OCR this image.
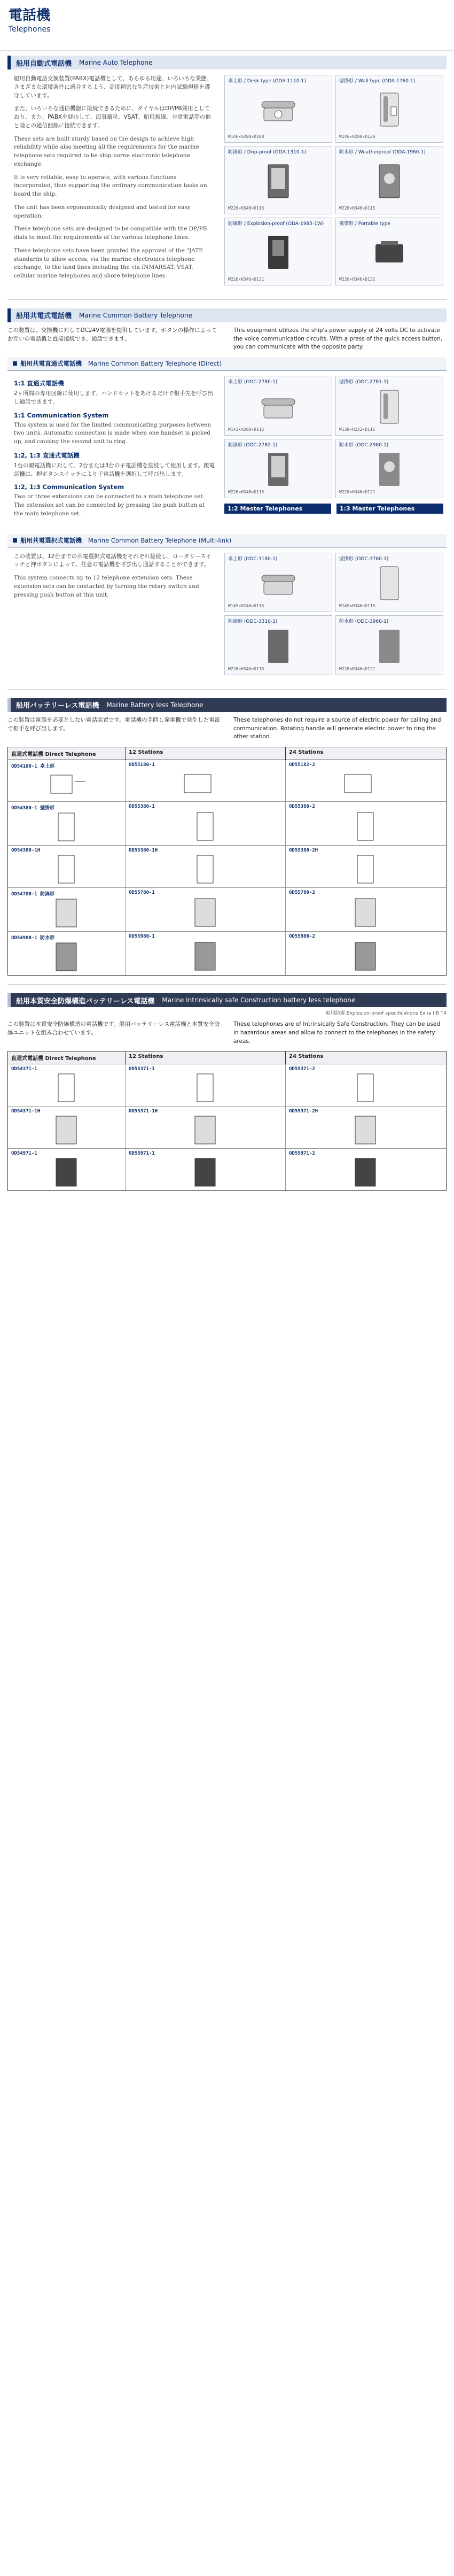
電話機
Telephones
船用自動式電話機 Marine Auto Telephone

船用自動電話交換装置(PABX)電話機として、あらゆる用途、いろいろな業態、さまざまな環境条件に適合するよう、高度精密な生産技術と社内試験規格を遵守しています。

また、いろいろな通信機器に接続できるために、ダイヤルはDP/PB兼用としており、また、PABXを経由して、海事衛星、VSAT、船用無線、非常電話等の他と陸との通信回線に接続できます。

These sets are built sturdy based on the design to achieve high reliability while also meeting all the requirements for the marine telephone sets required to be ship-borne electronic telephone exchange.

It is very reliable, easy to operate, with various functions incorporated, thus supporting the ordinary communication tasks on board the ship.

The unit has been ergonomically designed and tested for easy operation.

These telephone sets are designed to be compatible with the DP/PB dials to meet the requirements of the various telephone lines.

These telephone sets have been granted the approval of the "JATE standards to allow access, via the marine electronics telephone exchange, to the land lines including the via INMARSAT, VSAT, cellular marine telephones and shore telephone lines.

卓上形 / Desk type (ODA-1110-1)
W146×H200×D180
壁掛形 / Wall type (ODA-1760-1)
W146×H200×D120
防滴形 / Drip-proof (ODA-1310-1)
W226×H346×D115
防水形 / Weatherproof (ODA-1960-1)
W228×H346×D115
防爆形 / Explosion-proof (ODA-1985-1W)
W226×H346×D121
携帯形 / Portable type
W226×H346×D132
船用共電式電話機 Marine Common Battery Telephone

この装置は、交換機に対してDC24V電源を提供しています。ボタンの操作によってお互いの電話機と直接接続でき、通話できます。

This equipment utilizes the ship's power supply of 24 volts DC to activate the voice communication circuits. With a press of the quick access button, you can communicate with the opposite party.

船用共電直通式電話機 Marine Common Battery Telephone (Direct)
1:1 直通式電話機

2ヶ所間の専用回線に使用します。ハンドセットをあげるだけで相手先を呼び出し通話できます。

1:1 Communication System

This system is used for the limited communicating purposes between two units. Automatic connection is made when one handset is picked up, and causing the second unit to ring.

1:2, 1:3 直通式電話機

1台の親電話機に対して、2台または3台の子電話機を接続して使用します。親電話機は、押ボタンスイッチにより子電話機を選択して呼び出します。

1:2, 1:3 Communication System

Two or three extensions can be connected to a main telephone set. The extension set can be connected by pressing the push button at the main telephone set.

卓上形 (ODC-2780-1)
W142×H200×D115
壁掛形 (ODC-2781-1)
W138×H222×D115
防滴形 (ODC-2782-1)
W226×H346×D115
防水形 (ODC-2980-1)
W228×H346×D121
1:2 Master Telephones	1:3 Master Telephones
船用共電選択式電話機 Marine Common Battery Telephone (Multi-link)

この装置は、12台までの共電選択式電話機をそれぞれ接続し、ロータリースイッチと押ボタンによって、任意の電話機を呼び出し通話することができます。

This system connects up to 12 telephone extension sets. These extension sets can be contacted by turning the rotary switch and pressing push button at this unit.

卓上形 (ODC-3180-1)
W145×H246×D115
壁掛形 (ODC-3780-1)
W145×H346×D115
防滴形 (ODC-3310-1)
W226×H346×D115
防水形 (ODC-3960-1)
W228×H346×D121
船用バッテリーレス電話機 Marine Battery less Telephone

この装置は電源を必要としない電話装置です。電話機の手回し発電機で発生した電流で相手を呼び出します。

These telephones do not require a source of electric power for calling and communication. Rotating handle will generate electric power to ring the other station.

直通式電話機 Direct Telephone	12 Stations	24 Stations
OD54180-1 卓上形	OD55180-1	OD55182-2
OD54380-1 壁掛形	OD55380-1	OD55380-2
OD54380-1H	OD55380-1H	OD55380-2H
OD54780-1 防滴形	OD55780-1	OD55780-2
OD54980-1 防水形	OD55980-1	OD55980-2
船用本質安全防爆構造バッテリーレス電話機 Marine Intrinsically safe Construction battery less telephone
船用防爆 Explosion-proof specifications Ex ia IIB T4

この装置は本質安全防爆構造の電話機です。船用バッテリーレス電話機と本質安全防爆ユニットを組み合わせています。

These telephones are of Intrinsically Safe Construction. They can be used in hazardous areas and allow to connect to the telephones in the safety areas.

直通式電話機 Direct Telephone	12 Stations	24 Stations
OD54371-1	OD55371-1	OD55371-2
OD54371-1H	OD55371-1H	OD55371-2H
OD54971-1	OD55971-1	OD55971-2
